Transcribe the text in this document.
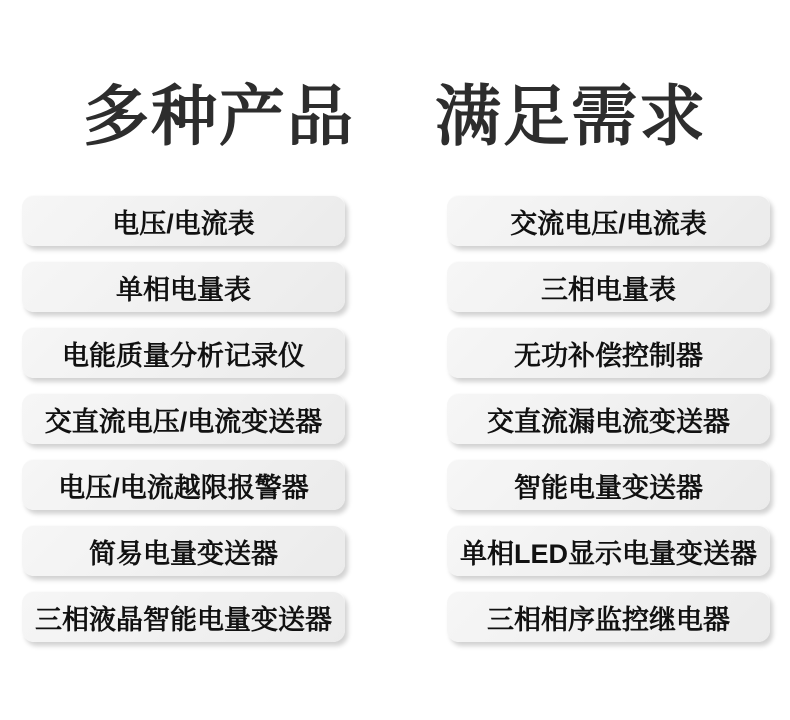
多种产品 满足需求
电压/电流表
单相电量表
电能质量分析记录仪
交直流电压/电流变送器
电压/电流越限报警器
简易电量变送器
三相液晶智能电量变送器
交流电压/电流表
三相电量表
无功补偿控制器
交直流漏电流变送器
智能电量变送器
单相LED显示电量变送器
三相相序监控继电器
